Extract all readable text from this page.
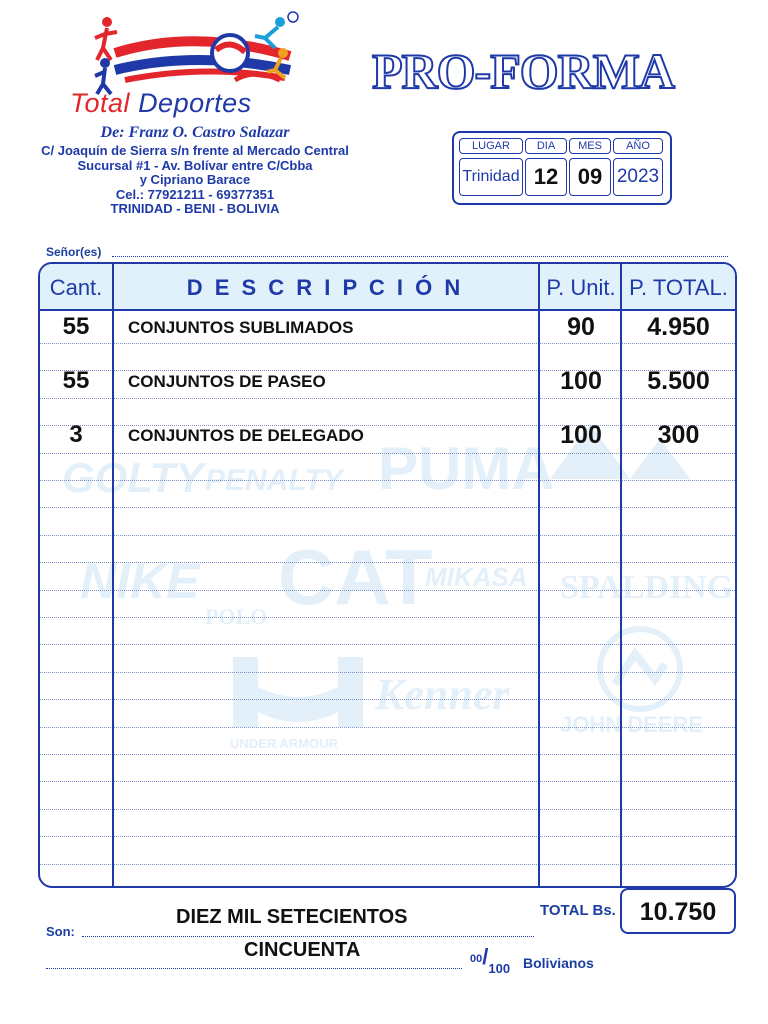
Total Deportes
De: Franz O. Castro Salazar
C/ Joaquín de Sierra s/n frente al Mercado Central
Sucursal #1 - Av. Bolívar entre C/Cbba
y Cipriano Barace
Cel.: 77921211 - 69377351
TRINIDAD - BENI - BOLIVIA
PRO-FORMA
LUGAR	DIA	MES	AÑO
Trinidad 12 09 2023
Señor(es)
GOLTY PENALTY PUMA
NIKE
POLO CAT
MIKASA SPALDING
UNDER ARMOUR
Kenner
JOHN DEERE
Cant.	D E S C R I P C I Ó N	P. Unit. P. TOTAL.
55	CONJUNTOS SUBLIMADOS	90	4.950
55	CONJUNTOS DE PASEO	100	5.500
3	CONJUNTOS DE DELEGADO	100	300
Son:
DIEZ MIL SETECIENTOS
CINCUENTA	00/100 Bolivianos
TOTAL Bs. 10.750
